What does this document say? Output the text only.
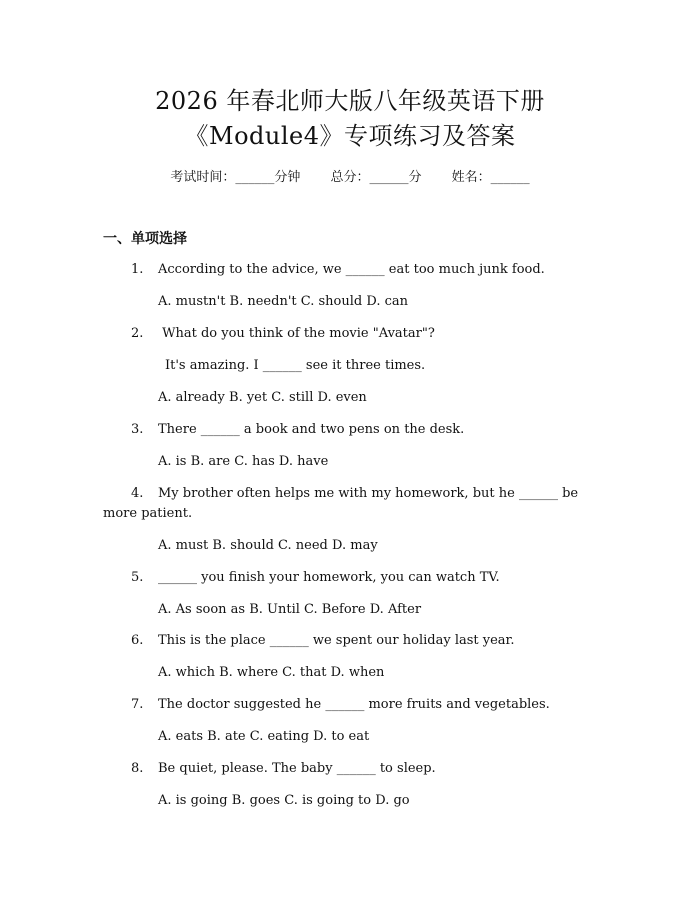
2026 年春北师大版八年级英语下册
《Module4》专项练习及答案
考试时间：______分钟 总分：______分 姓名：______
一、单项选择
1. According to the advice, we ______ eat too much junk food.
A. mustn't B. needn't C. should D. can
2. What do you think of the movie "Avatar"?
It's amazing. I ______ see it three times.
A. already B. yet C. still D. even
3. There ______ a book and two pens on the desk.
A. is B. are C. has D. have
4. My brother often helps me with my homework, but he ______ be
more patient.
A. must B. should C. need D. may
5. ______ you finish your homework, you can watch TV.
A. As soon as B. Until C. Before D. After
6. This is the place ______ we spent our holiday last year.
A. which B. where C. that D. when
7. The doctor suggested he ______ more fruits and vegetables.
A. eats B. ate C. eating D. to eat
8. Be quiet, please. The baby ______ to sleep.
A. is going B. goes C. is going to D. go
